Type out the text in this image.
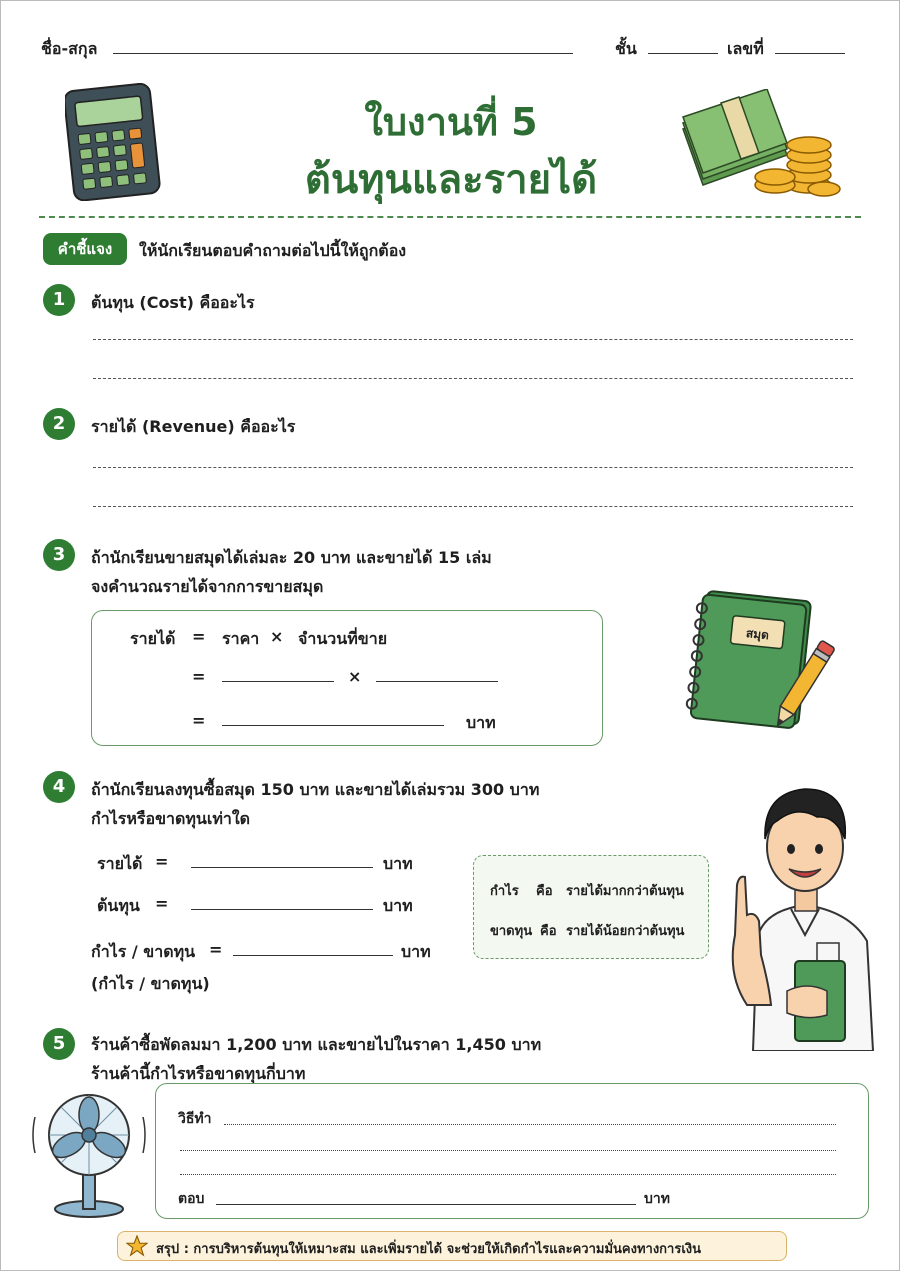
ชื่อ-สกุล	ชั้น	เลขที่
ใบงานที่ 5
ต้นทุนและรายได้
คำชี้แจง	ให้นักเรียนตอบคำถามต่อไปนี้ให้ถูกต้อง
1	ต้นทุน (Cost) คืออะไร
2	รายได้ (Revenue) คืออะไร
3	ถ้านักเรียนขายสมุดได้เล่มละ 20 บาท และขายได้ 15 เล่ม
จงคำนวณรายได้จากการขายสมุด
รายได้ = ราคา × จำนวนที่ขาย
=	×
=	บาท
สมุด
4	ถ้านักเรียนลงทุนซื้อสมุด 150 บาท และขายได้เล่มรวม 300 บาท
กำไรหรือขาดทุนเท่าใด
รายได้ =	บาท
ต้นทุน =	บาท
กำไร / ขาดทุน =	บาท
(กำไร / ขาดทุน)
กำไร คือ รายได้มากกว่าต้นทุน
ขาดทุน คือ รายได้น้อยกว่าต้นทุน
5	ร้านค้าซื้อพัดลมมา 1,200 บาท และขายไปในราคา 1,450 บาท
ร้านค้านี้กำไรหรือขาดทุนกี่บาท
วิธีทำ
ตอบ	บาท
สรุป : การบริหารต้นทุนให้เหมาะสม และเพิ่มรายได้ จะช่วยให้เกิดกำไรและความมั่นคงทางการเงิน
